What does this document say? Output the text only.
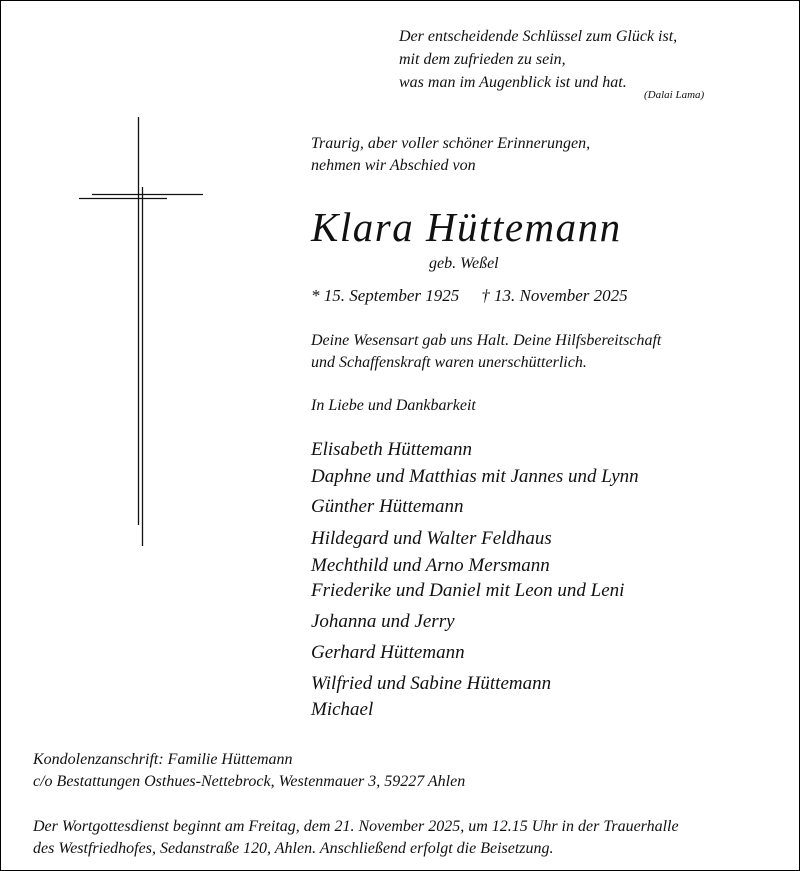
Der entscheidende Schlüssel zum Glück ist,
mit dem zufrieden zu sein,
was man im Augenblick ist und hat.
(Dalai Lama)
Traurig, aber voller schöner Erinnerungen,
nehmen wir Abschied von
Klara Hüttemann
geb. Weßel
* 15. September 1925 † 13. November 2025
Deine Wesensart gab uns Halt. Deine Hilfsbereitschaft
und Schaffenskraft waren unerschütterlich.
In Liebe und Dankbarkeit
Elisabeth Hüttemann
Daphne und Matthias mit Jannes und Lynn
Günther Hüttemann
Hildegard und Walter Feldhaus
Mechthild und Arno Mersmann
Friederike und Daniel mit Leon und Leni
Johanna und Jerry
Gerhard Hüttemann
Wilfried und Sabine Hüttemann
Michael
Kondolenzanschrift: Familie Hüttemann
c/o Bestattungen Osthues-Nettebrock, Westenmauer 3, 59227 Ahlen
Der Wortgottesdienst beginnt am Freitag, dem 21. November 2025, um 12.15 Uhr in der Trauerhalle
des Westfriedhofes, Sedanstraße 120, Ahlen. Anschließend erfolgt die Beisetzung.
